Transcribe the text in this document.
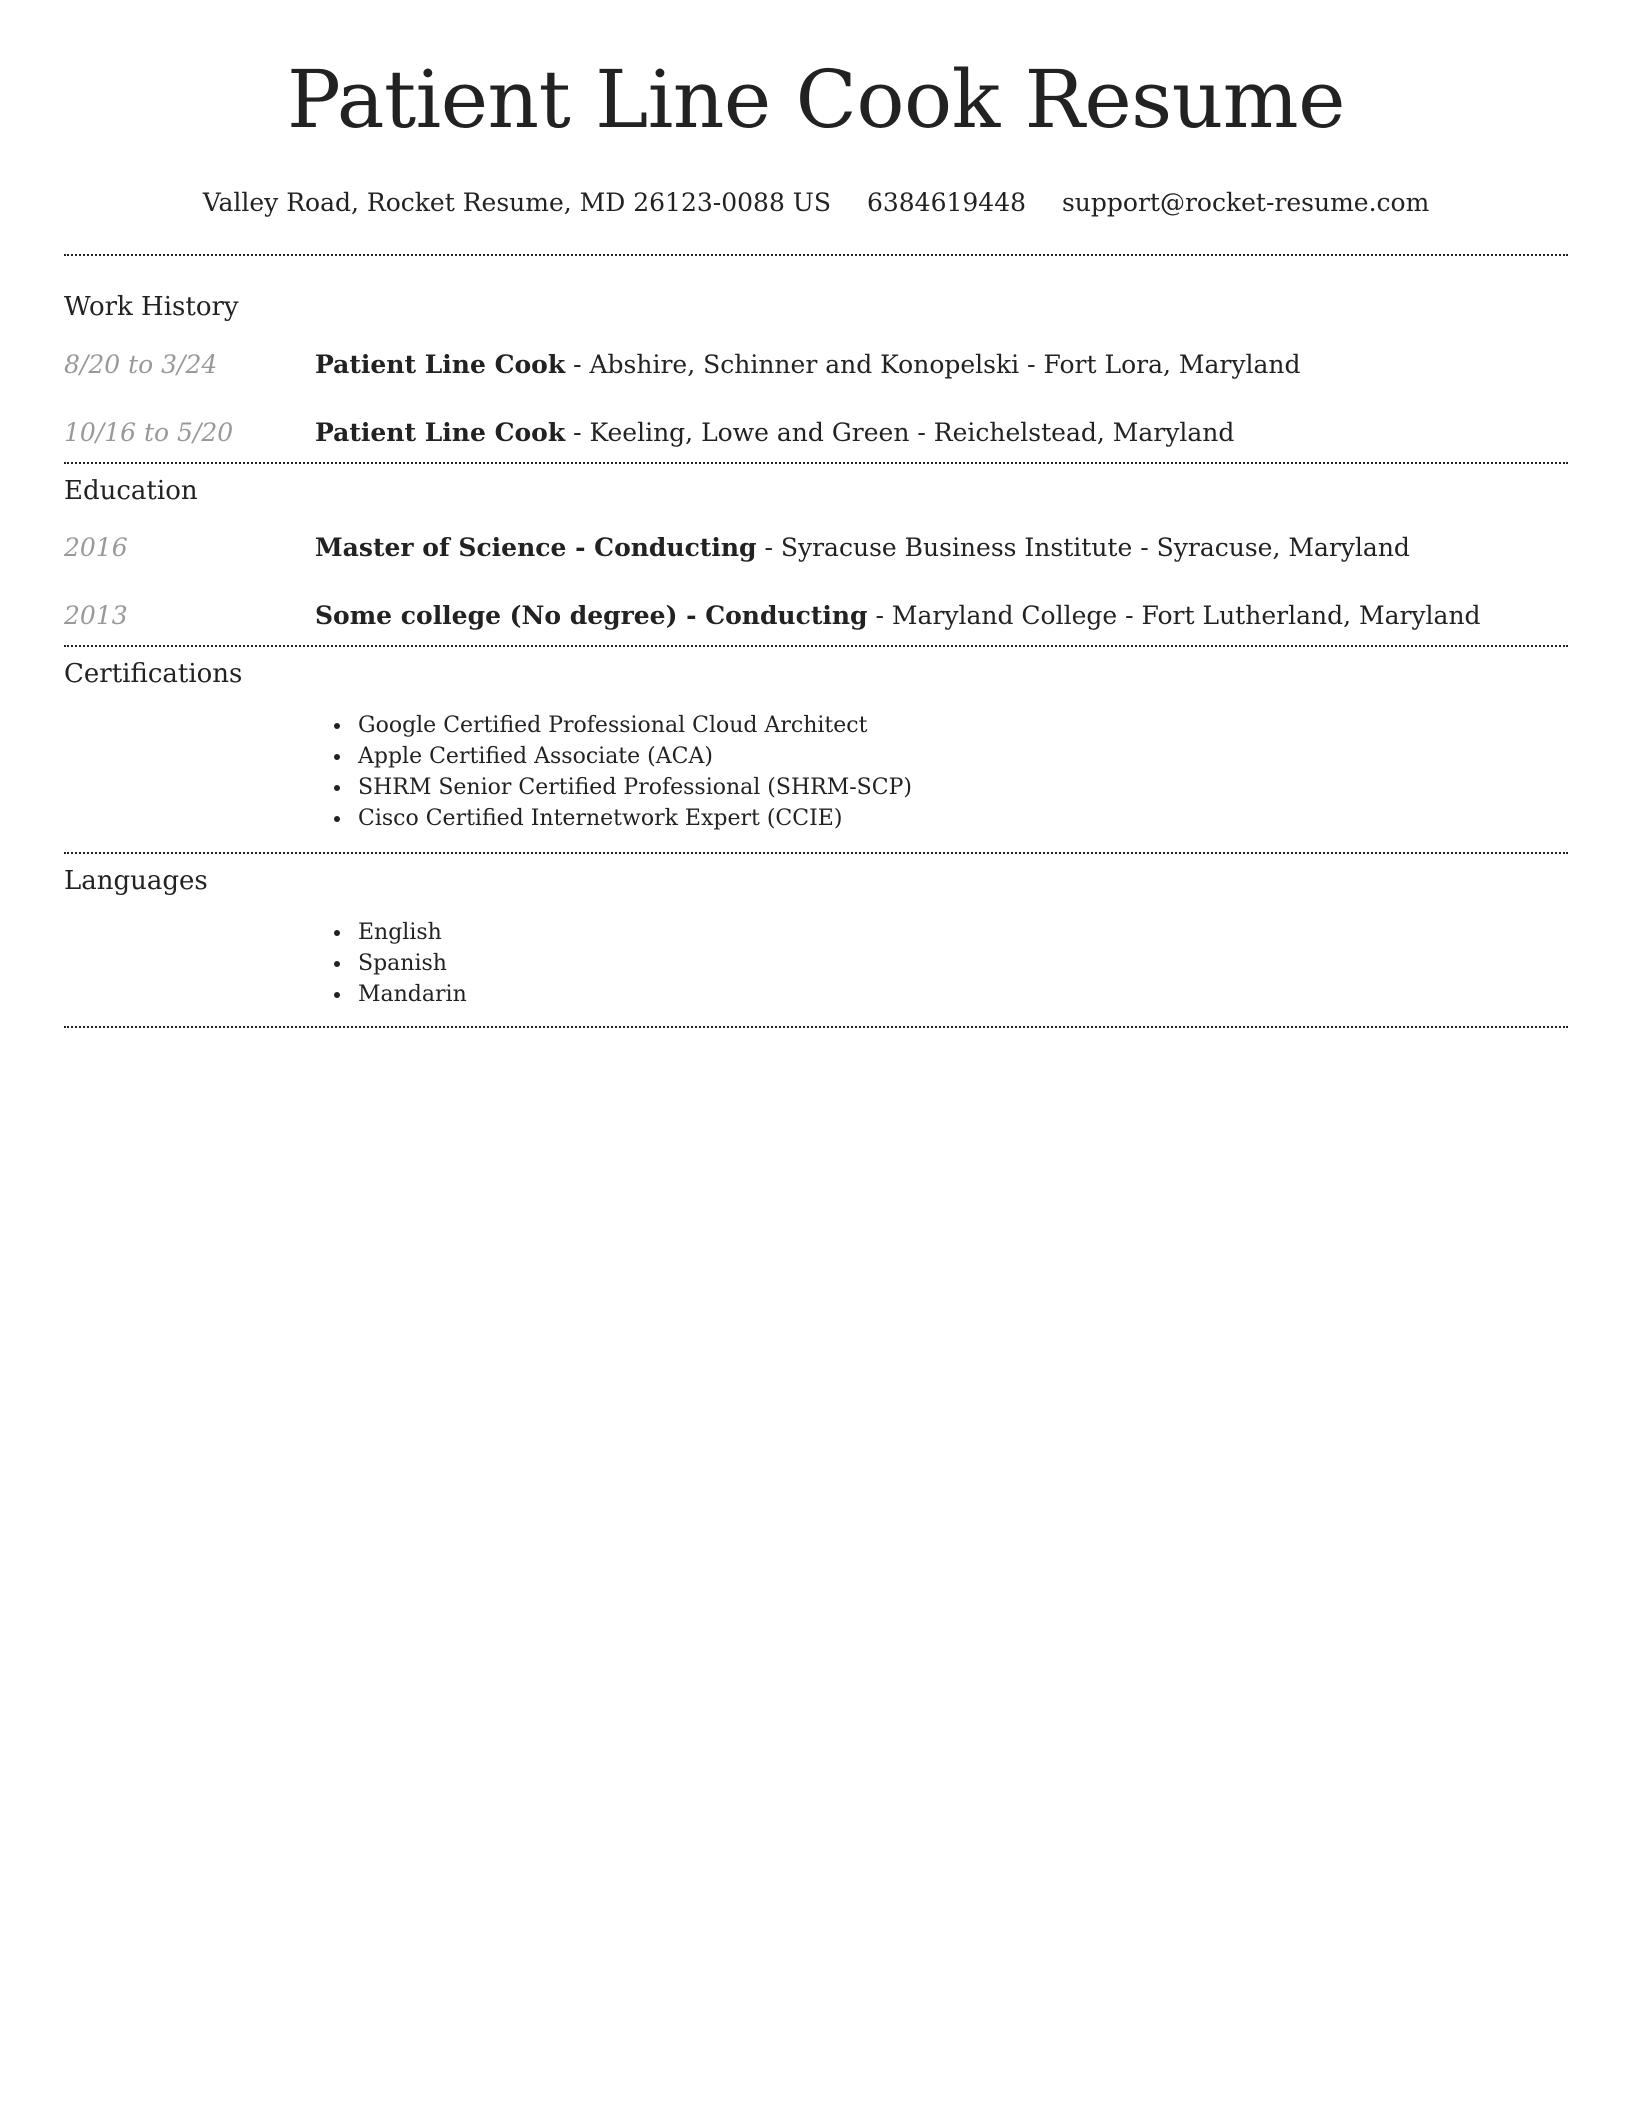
Patient Line Cook Resume
Valley Road, Rocket Resume, MD 26123-0088 US 6384619448 support@rocket-resume.com
Work History
8/20 to 3/24	Patient Line Cook - Abshire, Schinner and Konopelski - Fort Lora, Maryland
10/16 to 5/20	Patient Line Cook - Keeling, Lowe and Green - Reichelstead, Maryland
Education
2016	Master of Science - Conducting - Syracuse Business Institute - Syracuse, Maryland
2013	Some college (No degree) - Conducting - Maryland College - Fort Lutherland, Maryland
Certifications
Google Certified Professional Cloud Architect
Apple Certified Associate (ACA)
SHRM Senior Certified Professional (SHRM-SCP)
Cisco Certified Internetwork Expert (CCIE)
Languages
English
Spanish
Mandarin
